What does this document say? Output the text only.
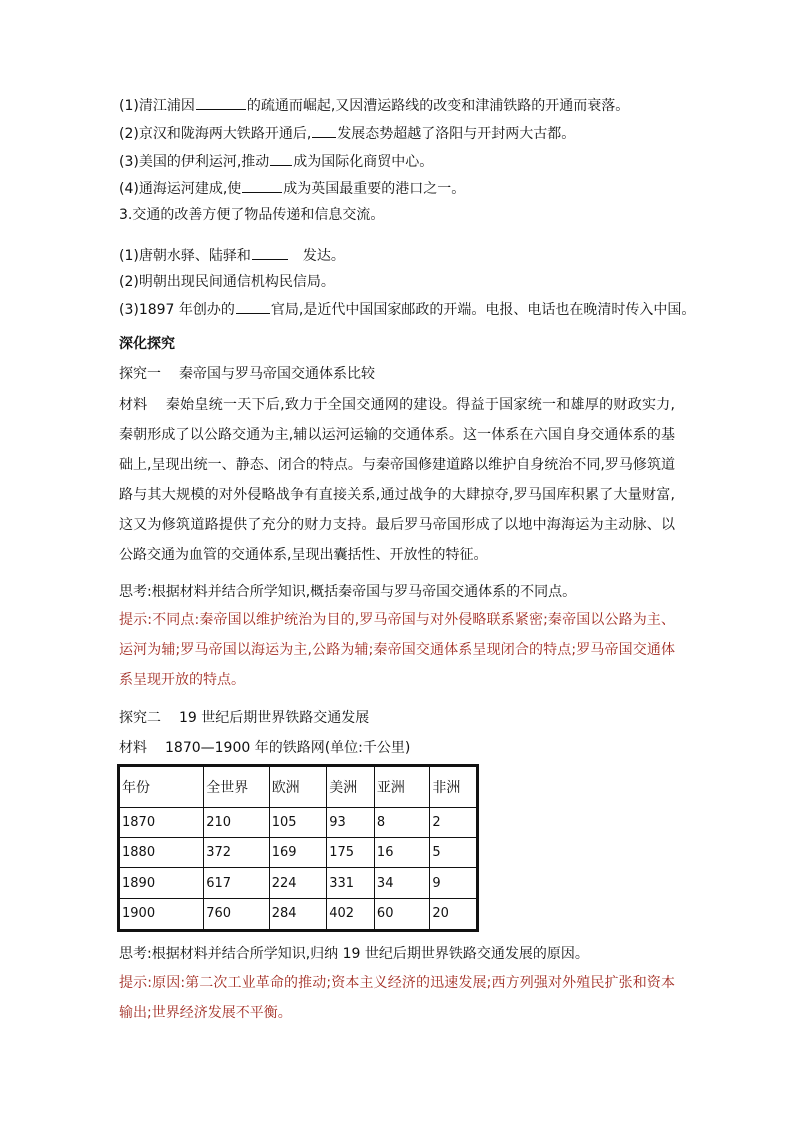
(1)清江浦因	的疏通而崛起,又因漕运路线的改变和津浦铁路的开通而衰落。
(2)京汉和陇海两大铁路开通后, 发展态势超越了洛阳与开封两大古都。
(3)美国的伊利运河,推动 成为国际化商贸中心。
(4)通海运河建成,使	成为英国最重要的港口之一。
3.交通的改善方便了物品传递和信息交流。
(1)唐朝水驿、陆驿和	发达。
(2)明朝出现民间通信机构民信局。
(3)1897 年创办的	官局,是近代中国国家邮政的开端。电报、电话也在晚清时传入中国。
深化探究
探究一 秦帝国与罗马帝国交通体系比较
材料 秦始皇统一天下后,致力于全国交通网的建设。得益于国家统一和雄厚的财政实力,秦朝形成了以公路交通为主,辅以运河运输的交通体系。这一体系在六国自身交通体系的基础上,呈现出统一、静态、闭合的特点。与秦帝国修建道路以维护自身统治不同,罗马修筑道路与其大规模的对外侵略战争有直接关系,通过战争的大肆掠夺,罗马国库积累了大量财富,这又为修筑道路提供了充分的财力支持。最后罗马帝国形成了以地中海海运为主动脉、以公路交通为血管的交通体系,呈现出囊括性、开放性的特征。
思考:根据材料并结合所学知识,概括秦帝国与罗马帝国交通体系的不同点。
提示:不同点:秦帝国以维护统治为目的,罗马帝国与对外侵略联系紧密;秦帝国以公路为主、运河为辅;罗马帝国以海运为主,公路为辅;秦帝国交通体系呈现闭合的特点;罗马帝国交通体系呈现开放的特点。
探究二 19 世纪后期世界铁路交通发展
材料 1870—1900 年的铁路网(单位:千公里)
年份	全世界	欧洲	美洲	亚洲	非洲
1870	210	105	93	8	2
1880	372	169	175	16	5
1890	617	224	331	34	9
1900	760	284	402	60	20
思考:根据材料并结合所学知识,归纳 19 世纪后期世界铁路交通发展的原因。
提示:原因:第二次工业革命的推动;资本主义经济的迅速发展;西方列强对外殖民扩张和资本输出;世界经济发展不平衡。
